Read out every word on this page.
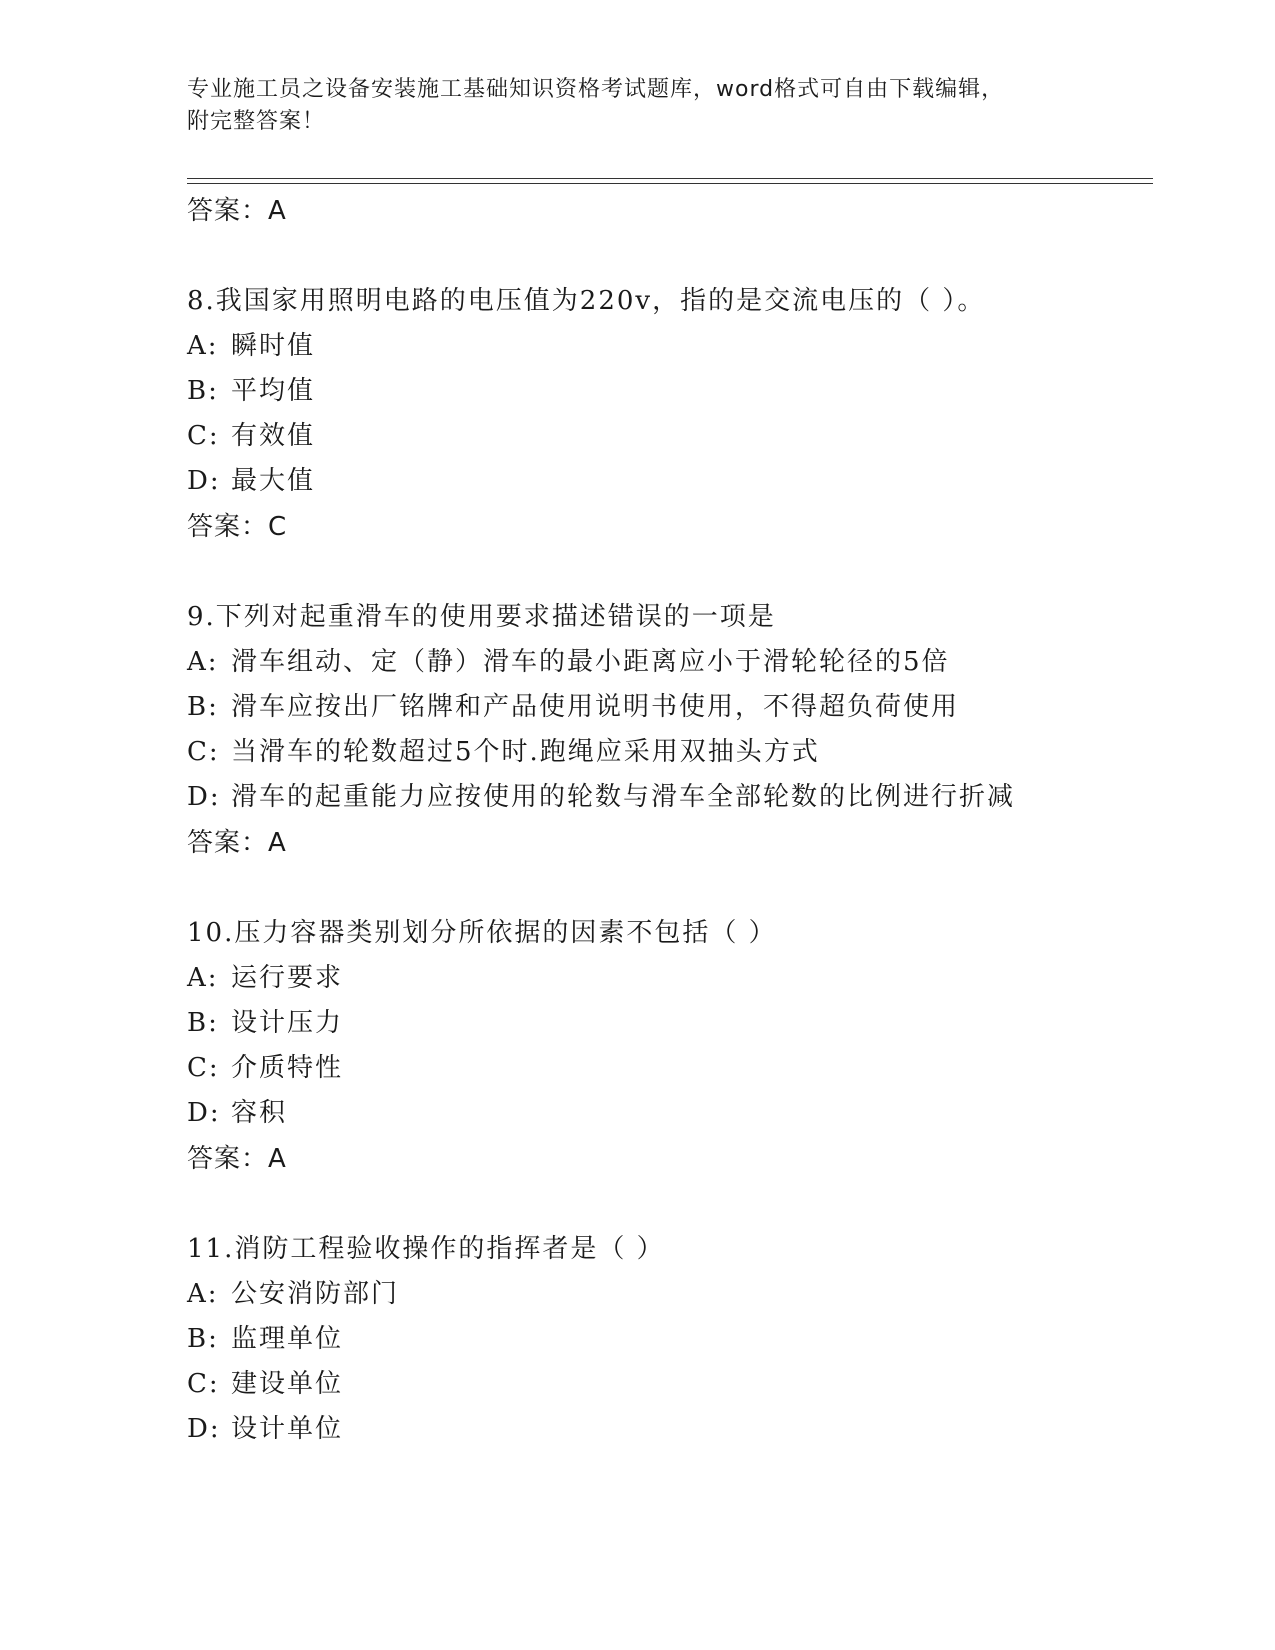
专业施工员之设备安装施工基础知识资格考试题库，word格式可自由下载编辑，
附完整答案！
答案：A
8.我国家用照明电路的电压值为220v，指的是交流电压的（ ）。
A: 瞬时值
B: 平均值
C: 有效值
D: 最大值
答案：C
9.下列对起重滑车的使用要求描述错误的一项是
A: 滑车组动、定（静）滑车的最小距离应小于滑轮轮径的5倍
B: 滑车应按出厂铭牌和产品使用说明书使用，不得超负荷使用
C: 当滑车的轮数超过5个时.跑绳应采用双抽头方式
D: 滑车的起重能力应按使用的轮数与滑车全部轮数的比例进行折减
答案：A
10.压力容器类别划分所依据的因素不包括（ ）
A: 运行要求
B: 设计压力
C: 介质特性
D: 容积
答案：A
11.消防工程验收操作的指挥者是（ ）
A: 公安消防部门
B: 监理单位
C: 建设单位
D: 设计单位
